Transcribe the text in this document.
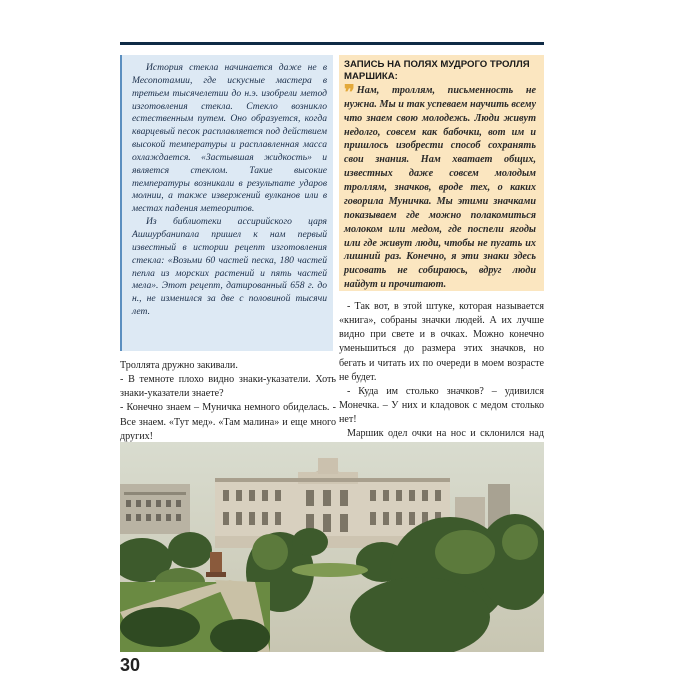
История стекла начинается даже не в Месопотамии, где искусные мастера в третьем тысячелетии до н.э. изобрели метод изготовления стекла. Стекло возникло естественным путем. Оно образуется, когда кварцевый песок расплавляется под действием высокой температуры и расплавленная масса охлаждается. «Застывшая жидкость» и является стеклом. Такие высокие температуры возникали в результате ударов молнии, а также извержений вулканов или в местах падения метеоритов.

Из библиотеки ассирийского царя Ашшурбанипала пришел к нам первый известный в истории рецепт изготовления стекла: «Возьми 60 частей песка, 180 частей пепла из морских растений и пять частей мела». Этот рецепт, датированный 658 г. до н., не изменился за две с половиной тысячи лет.

ЗАПИСЬ НА ПОЛЯХ МУДРОГО ТРОЛЛЯ МАРШИКА:
❞ Нам, троллям, письменность не нужна. Мы и так успеваем научить всему что знаем свою молодежь. Люди живут недолго, совсем как бабочки, вот им и пришлось изобрести способ сохранять свои знания. Нам хватает общих, известных даже совсем молодым троллям, значков, вроде тех, о каких говорила Муничка. Мы этими значками показываем где можно полакомиться молоком или медом, где поспели ягоды или где живут люди, чтобы не пугать их лишний раз. Конечно, я эти знаки здесь рисовать не собираюсь, вдруг люди найдут и прочитают.

Троллята дружно закивали.

- В темноте плохо видно знаки-указатели. Хоть знаки-указатели знаете?

- Конечно знаем – Муничка немного обиделась. - Все знаем. «Тут мед». «Там малина» и еще много других!

- Так вот, в этой штуке, которая называется «книга», собраны значки людей. А их лучше видно при свете и в очках. Можно конечно уменьшиться до размера этих значков, но бегать и читать их по очереди в моем возрасте не будет.

- Куда им столько значков? – удивился Монечка. – У них и кладовок с медом столько нет!

Маршик одел очки на нос и склонился над

30
